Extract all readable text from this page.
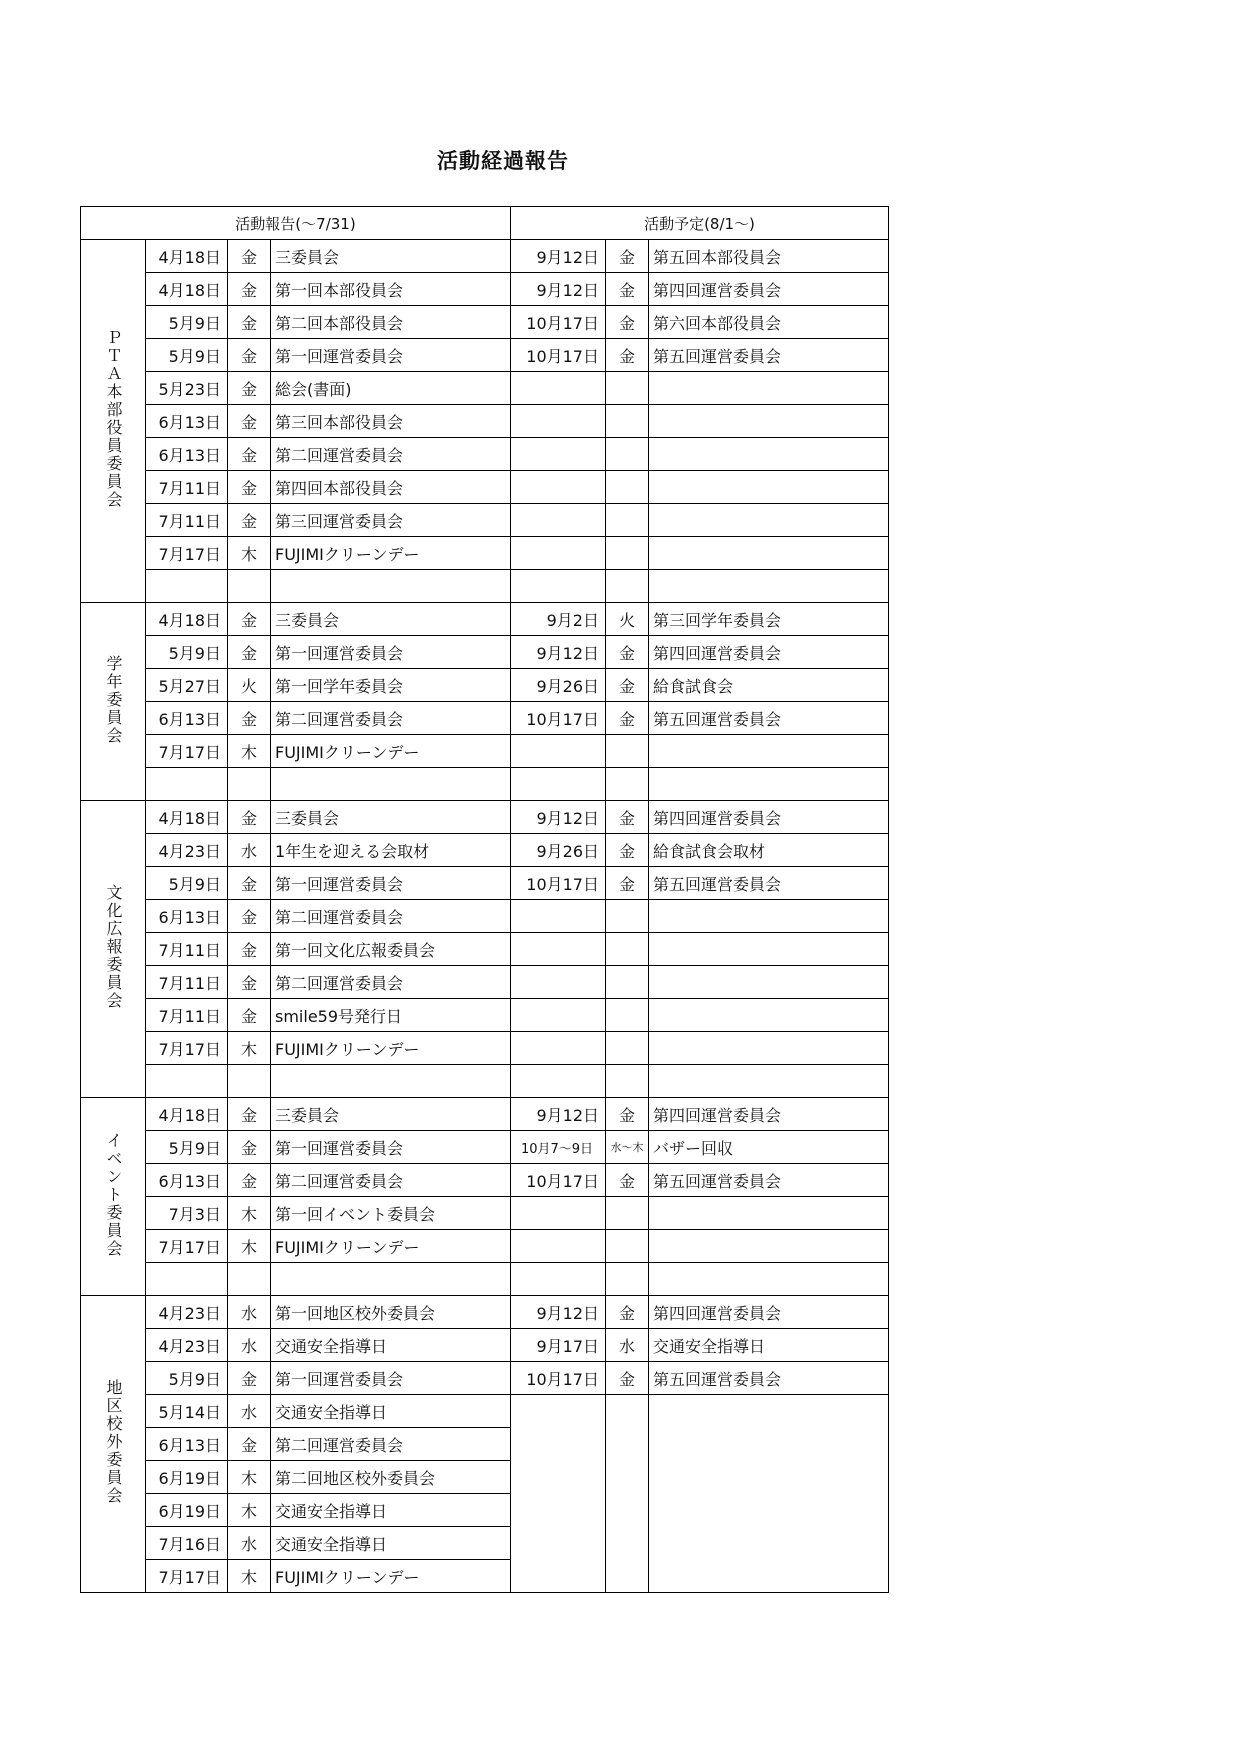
活動経過報告
活動報告(～7/31)				活動予定(8/1～)		
ＰＴＡ本部役員委員会	4月18日	金	三委員会	9月12日	金	第五回本部役員会
	4月18日	金	第一回本部役員会	9月12日	金	第四回運営委員会
	5月9日	金	第二回本部役員会	10月17日	金	第六回本部役員会
	5月9日	金	第一回運営委員会	10月17日	金	第五回運営委員会
	5月23日	金	総会(書面)			
	6月13日	金	第三回本部役員会			
	6月13日	金	第二回運営委員会			
	7月11日	金	第四回本部役員会			
	7月11日	金	第三回運営委員会			
	7月17日	木	FUJIMIクリーンデー			

学年委員会	4月18日	金	三委員会	9月2日	火	第三回学年委員会
	5月9日	金	第一回運営委員会	9月12日	金	第四回運営委員会
	5月27日	火	第一回学年委員会	9月26日	金	給食試食会
	6月13日	金	第二回運営委員会	10月17日	金	第五回運営委員会
	7月17日	木	FUJIMIクリーンデー			

文化広報委員会	4月18日	金	三委員会	9月12日	金	第四回運営委員会
	4月23日	水	1年生を迎える会取材	9月26日	金	給食試食会取材
	5月9日	金	第一回運営委員会	10月17日	金	第五回運営委員会
	6月13日	金	第二回運営委員会			
	7月11日	金	第一回文化広報委員会			
	7月11日	金	第二回運営委員会			
	7月11日	金	smile59号発行日			
	7月17日	木	FUJIMIクリーンデー			

イベント委員会	4月18日	金	三委員会	9月12日	金	第四回運営委員会
	5月9日	金	第一回運営委員会	10月7～9日	水～木	バザー回収
	6月13日	金	第二回運営委員会	10月17日	金	第五回運営委員会
	7月3日	木	第一回イベント委員会			
	7月17日	木	FUJIMIクリーンデー			

地区校外委員会	4月23日	水	第一回地区校外委員会	9月12日	金	第四回運営委員会
	4月23日	水	交通安全指導日	9月17日	水	交通安全指導日
	5月9日	金	第一回運営委員会	10月17日	金	第五回運営委員会
	5月14日	水	交通安全指導日			
	6月13日	金	第二回運営委員会			
	6月19日	木	第二回地区校外委員会			
	6月19日	木	交通安全指導日			
	7月16日	水	交通安全指導日			
	7月17日	木	FUJIMIクリーンデー			
